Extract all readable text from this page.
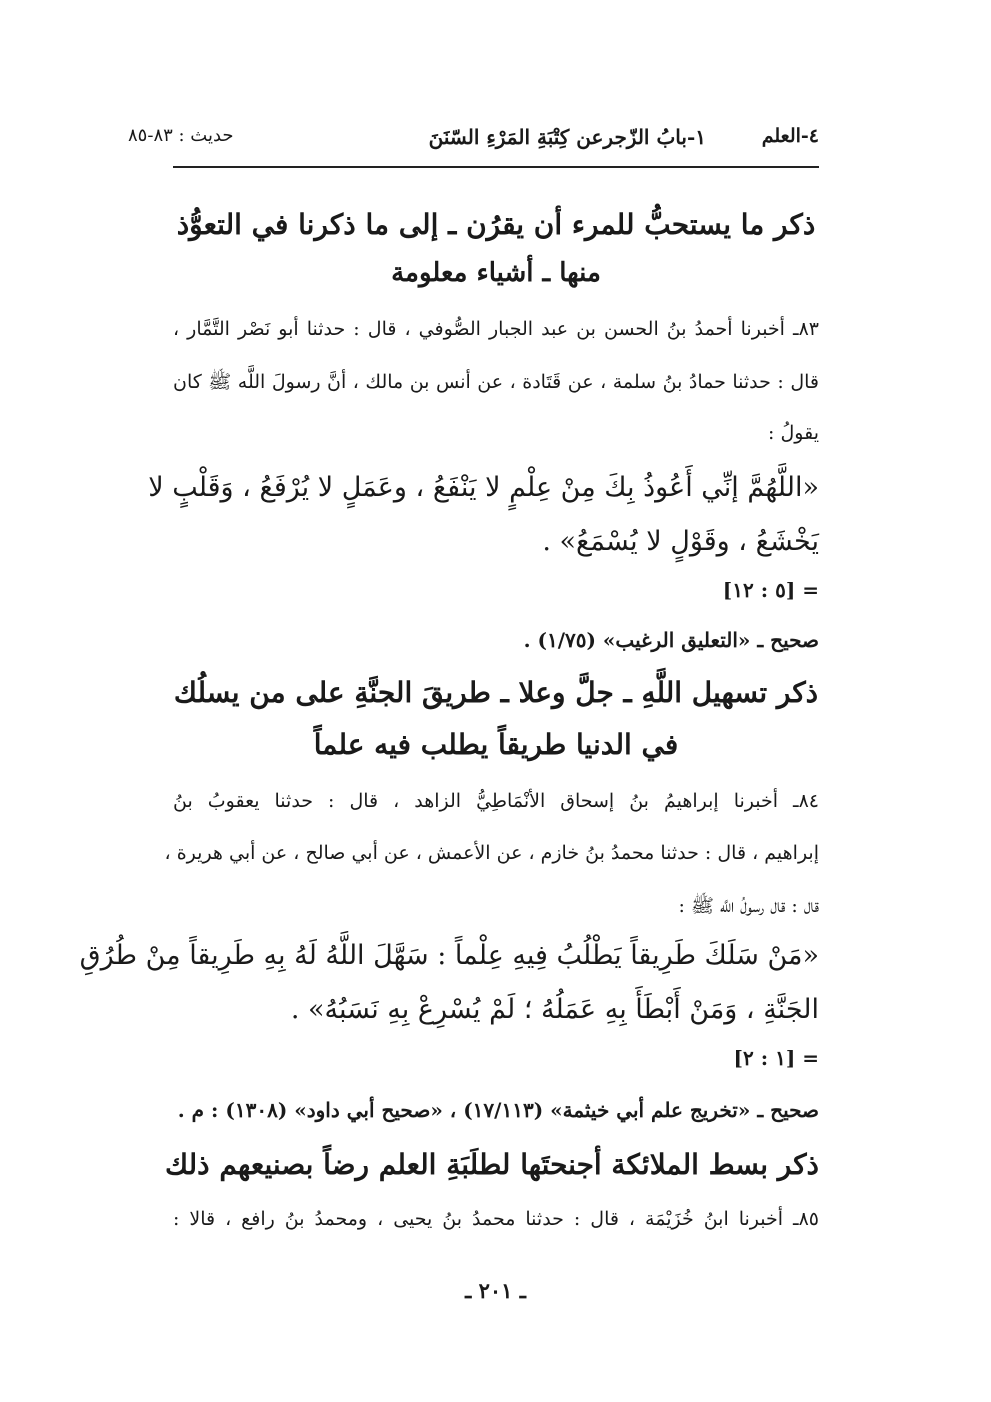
٤-العلم
١-بابُ الزّجرعن كِتْبَةِ المَرْءِ السّنَنَ
حديث : ٨٣-٨٥
ذكر ما يستحبُّ للمرء أن يقرُن ـ إلى ما ذكرنا في التعوُّذ
منها ـ أشياء معلومة
٨٣ـ أخبرنا أحمدُ بنُ الحسن بن عبد الجبار الصُّوفي ، قال : حدثنا أبو نَصْر التَّمَّار ،
قال : حدثنا حمادُ بنُ سلمة ، عن قَتَادة ، عن أنس بن مالك ، أنَّ رسولَ اللَّه ﷺ كان
يقولُ :
«اللَّهُمَّ إنِّي أَعُوذُ بِكَ مِنْ عِلْمٍ لا يَنْفَعُ ، وعَمَلٍ لا يُرْفَعُ ، وَقَلْبٍ لا
يَخْشَعُ ، وقَوْلٍ لا يُسْمَعُ» .
= [٥ : ١٢]
صحيح ـ «التعليق الرغيب» (١/٧٥) .
ذكر تسهيل اللَّهِ ـ جلَّ وعلا ـ طريقَ الجنَّةِ على من يسلُك
في الدنيا طريقاً يطلب فيه علماً
٨٤ـ أخبرنا إبراهيمُ بنُ إسحاق الأنْمَاطِيُّ الزاهد ، قال : حدثنا يعقوبُ بنُ
إبراهيم ، قال : حدثنا محمدُ بنُ خازم ، عن الأعمش ، عن أبي صالح ، عن أبي هريرة ،
قال : قال رسولُ اللَّه ﷺ :
«مَنْ سَلَكَ طَرِيقاً يَطْلُبُ فِيهِ عِلْماً : سَهَّلَ اللَّهُ لَهُ بِهِ طَرِيقاً مِنْ طُرُقِ
الجَنَّةِ ، وَمَنْ أَبْطَأَ بِهِ عَمَلُهُ ؛ لَمْ يُسْرِعْ بِهِ نَسَبُهُ» .
= [١ : ٢]
صحيح ـ «تخريج علم أبي خيثمة» (١٧/١١٣) ، «صحيح أبي داود» (١٣٠٨) : م .
ذكر بسط الملائكة أجنحتَها لطلَبَةِ العلم رضاً بصنيعهم ذلك
٨٥ـ أخبرنا ابنُ خُزَيْمَة ، قال : حدثنا محمدُ بنُ يحيى ، ومحمدُ بنُ رافع ، قالا :
ـ ٢٠١ ـ
